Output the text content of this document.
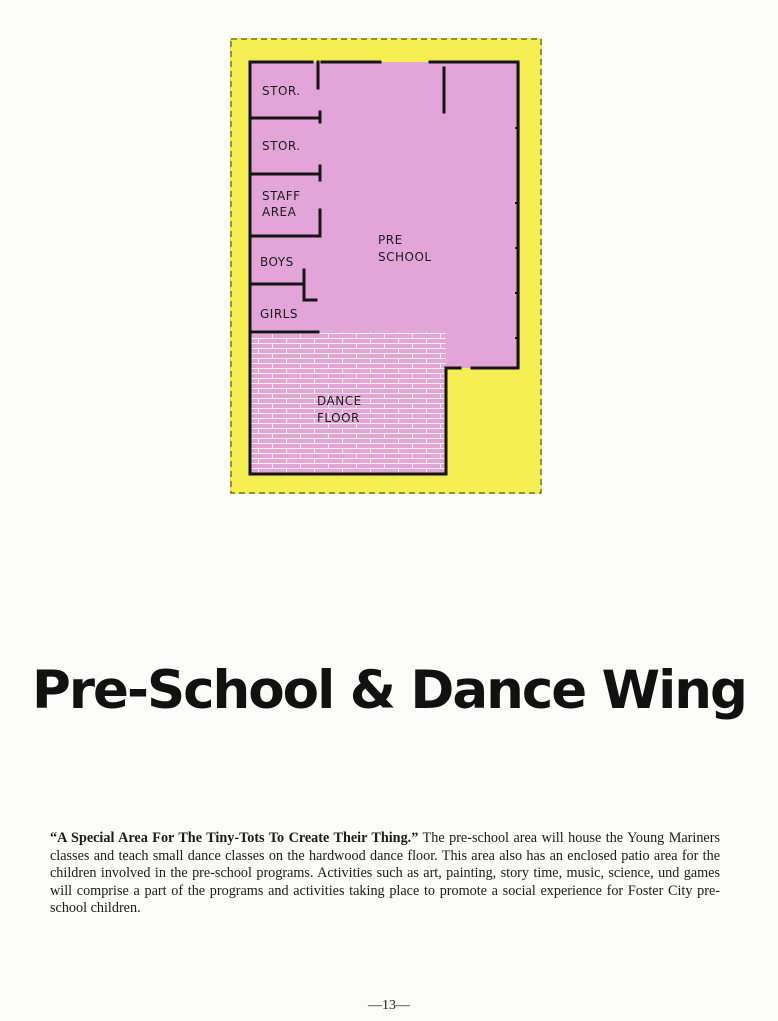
STOR.
STOR.
STAFF
AREA
BOYS
GIRLS
PRE
SCHOOL
DANCE
FLOOR
Pre-School & Dance Wing

“A Special Area For The Tiny-Tots To Create Their Thing.” The pre-school area will house the Young Mariners classes and teach small dance classes on the hardwood dance floor. This area also has an enclosed patio area for the children involved in the pre-school programs. Activities such as art, painting, story time, music, science, und games will comprise a part of the programs and activities taking place to promote a social experience for Foster City pre-school children.

—13—
